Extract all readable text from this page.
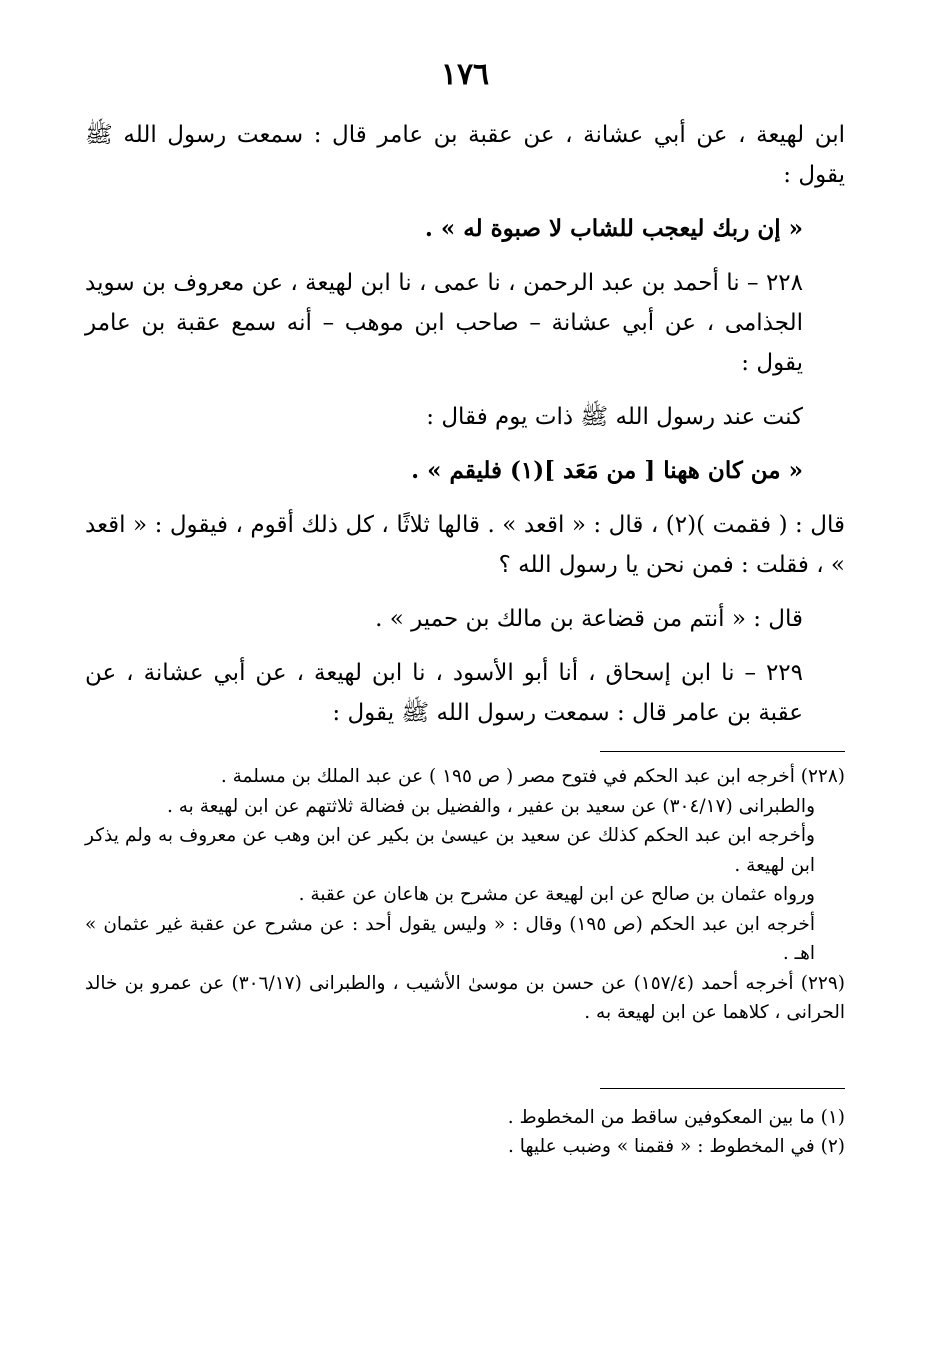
١٧٦

ابن لهيعة ، عن أبي عشانة ، عن عقبة بن عامر قال : سمعت رسول الله ﷺ يقول :

« إن ربك ليعجب للشاب لا صبوة له » .

٢٢٨ – نا أحمد بن عبد الرحمن ، نا عمى ، نا ابن لهيعة ، عن معروف بن سويد الجذامى ، عن أبي عشانة – صاحب ابن موهب – أنه سمع عقبة بن عامر يقول :

كنت عند رسول الله ﷺ ذات يوم فقال :

« من كان ههنا [ من مَعَد ](١) فليقم » .

قال : ( فقمت )(٢) ، قال : « اقعد » . قالها ثلاثًا ، كل ذلك أقوم ، فيقول : « اقعد » ، فقلت : فمن نحن يا رسول الله ؟

قال : « أنتم من قضاعة بن مالك بن حمير » .

٢٢٩ – نا ابن إسحاق ، أنا أبو الأسود ، نا ابن لهيعة ، عن أبي عشانة ، عن عقبة بن عامر قال : سمعت رسول الله ﷺ يقول :

(٢٢٨) أخرجه ابن عبد الحكم في فتوح مصر ( ص ١٩٥ ) عن عبد الملك بن مسلمة .

والطبرانى (٣٠٤/١٧) عن سعيد بن عفير ، والفضيل بن فضالة ثلاثتهم عن ابن لهيعة به .

وأخرجه ابن عبد الحكم كذلك عن سعيد بن عيسىٰ بن بكير عن ابن وهب عن معروف به ولم يذكر ابن لهيعة .

ورواه عثمان بن صالح عن ابن لهيعة عن مشرح بن هاعان عن عقبة .

أخرجه ابن عبد الحكم (ص ١٩٥) وقال : « وليس يقول أحد : عن مشرح عن عقبة غير عثمان » اهـ .

(٢٢٩) أخرجه أحمد (١٥٧/٤) عن حسن بن موسىٰ الأشيب ، والطبرانى (٣٠٦/١٧) عن عمرو بن خالد الحرانى ، كلاهما عن ابن لهيعة به .

(١) ما بين المعكوفين ساقط من المخطوط .

(٢) في المخطوط : « فقمنا » وضبب عليها .
